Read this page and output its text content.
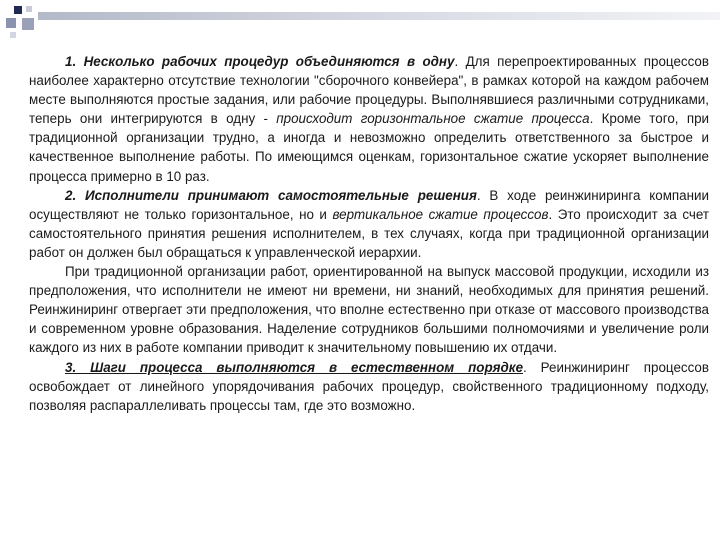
1. Несколько рабочих процедур объединяются в одну. Для перепроектированных процессов наиболее характерно отсутствие технологии "сборочного конвейера", в рамках которой на каждом рабочем месте выполняются простые задания, или рабочие процедуры. Выполнявшиеся различными сотрудниками, теперь они интегрируются в одну - происходит горизонтальное сжатие процесса. Кроме того, при традиционной организации трудно, а иногда и невозможно определить ответственного за быстрое и качественное выполнение работы. По имеющимся оценкам, горизонтальное сжатие ускоряет выполнение процесса примерно в 10 раз.

2. Исполнители принимают самостоятельные решения. В ходе реинжиниринга компании осуществляют не только горизонтальное, но и вертикальное сжатие процессов. Это происходит за счет самостоятельного принятия решения исполнителем, в тех случаях, когда при традиционной организации работ он должен был обращаться к управленческой иерархии.

При традиционной организации работ, ориентированной на выпуск массовой продукции, исходили из предположения, что исполнители не имеют ни времени, ни знаний, необходимых для принятия решений. Реинжиниринг отвергает эти предположения, что вполне естественно при отказе от массового производства и современном уровне образования. Наделение сотрудников большими полномочиями и увеличение роли каждого из них в работе компании приводит к значительному повышению их отдачи.

3. Шаги процесса выполняются в естественном порядке. Реинжиниринг процессов освобождает от линейного упорядочивания рабочих процедур, свойственного традиционному подходу, позволяя распараллеливать процессы там, где это возможно.
